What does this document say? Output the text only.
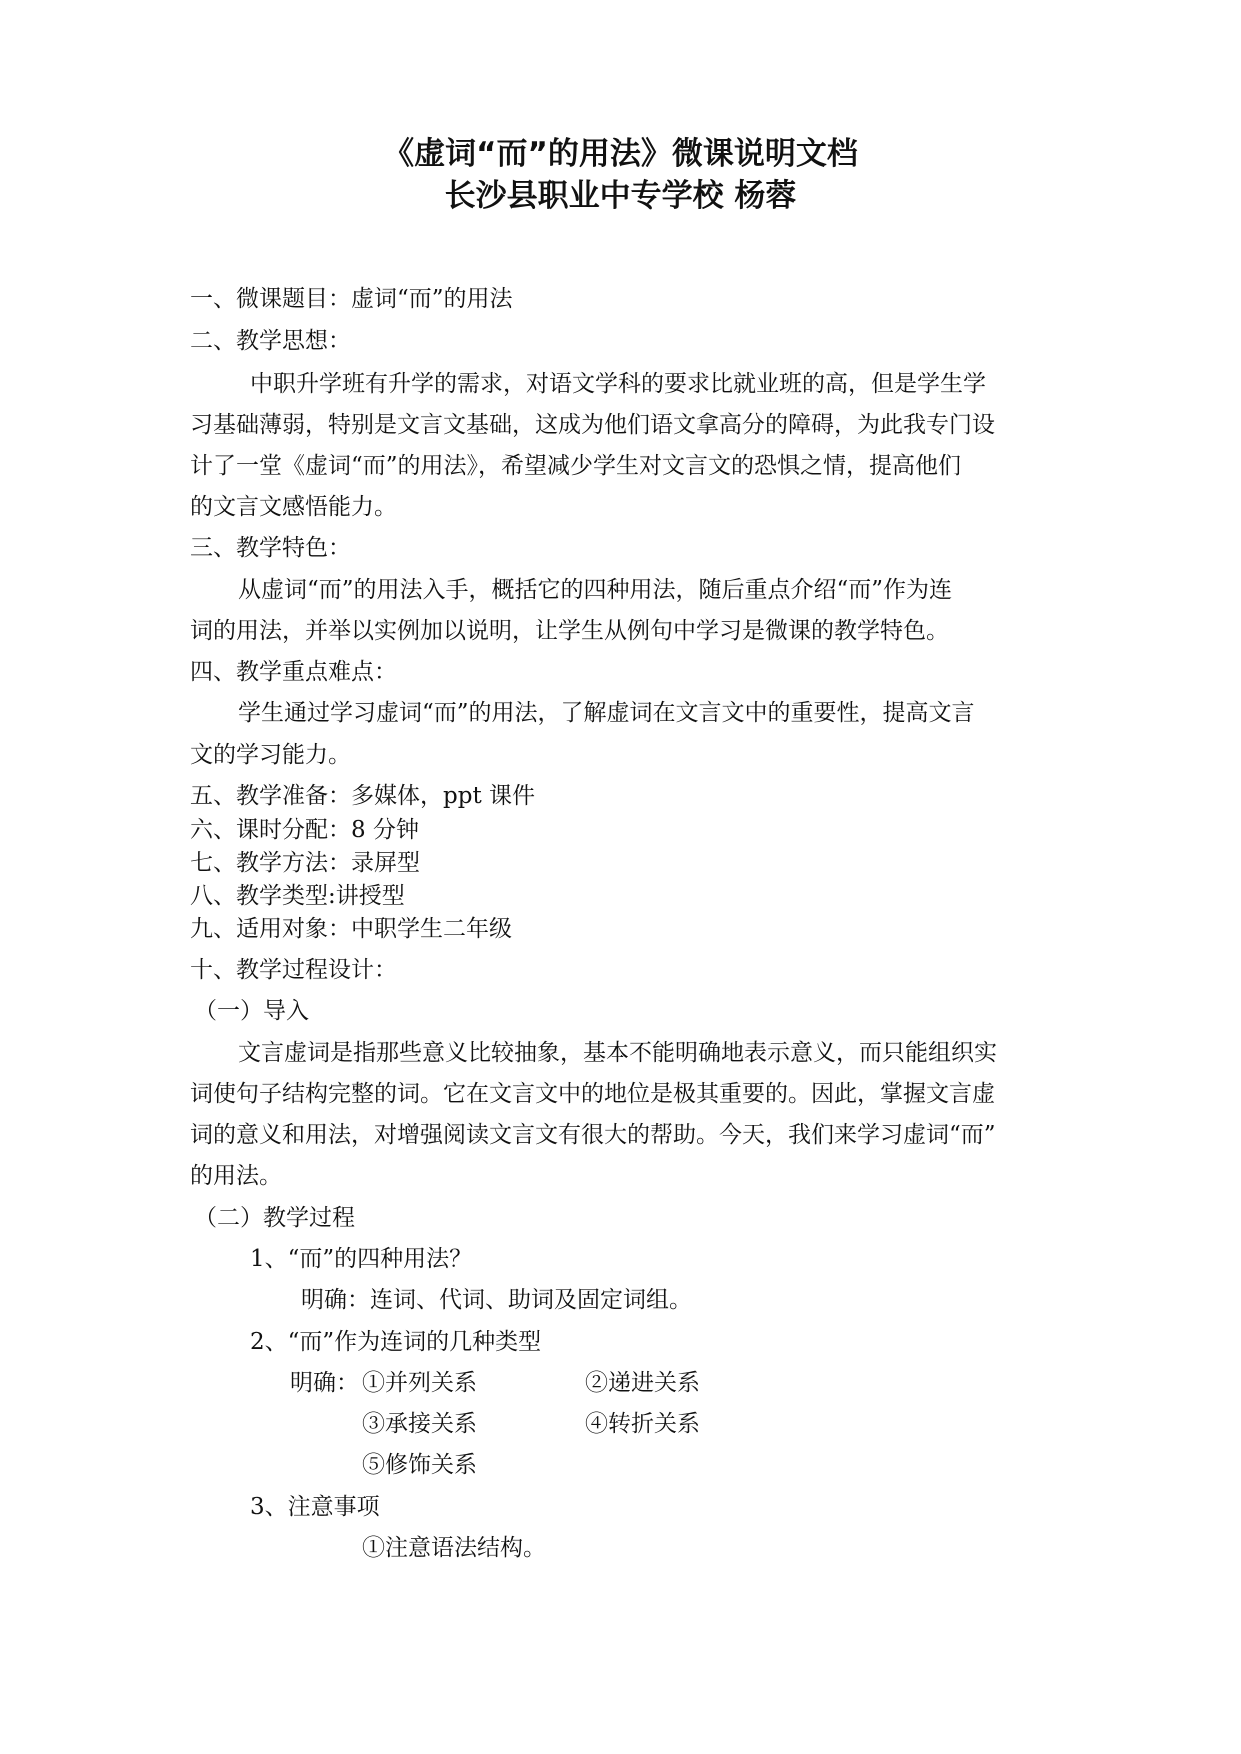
《虚词“而”的用法》微课说明文档
长沙县职业中专学校 杨蓉
一、微课题目：虚词“而”的用法
二、教学思想：
中职升学班有升学的需求，对语文学科的要求比就业班的高，但是学生学
习基础薄弱，特别是文言文基础，这成为他们语文拿高分的障碍，为此我专门设
计了一堂《虚词“而”的用法》，希望减少学生对文言文的恐惧之情，提高他们
的文言文感悟能力。
三、教学特色：
从虚词“而”的用法入手，概括它的四种用法，随后重点介绍“而”作为连
词的用法，并举以实例加以说明，让学生从例句中学习是微课的教学特色。
四、教学重点难点：
学生通过学习虚词“而”的用法，了解虚词在文言文中的重要性，提高文言
文的学习能力。
五、教学准备：多媒体，ppt 课件
六、课时分配：8 分钟
七、教学方法：录屏型
八、教学类型:讲授型
九、适用对象：中职学生二年级
十、教学过程设计：
（一）导入
文言虚词是指那些意义比较抽象，基本不能明确地表示意义，而只能组织实
词使句子结构完整的词。它在文言文中的地位是极其重要的。因此，掌握文言虚
词的意义和用法，对增强阅读文言文有很大的帮助。今天，我们来学习虚词“而”
的用法。
（二）教学过程
1、“而”的四种用法？
明确：连词、代词、助词及固定词组。
2、“而”作为连词的几种类型
明确： ①并列关系	②递进关系
③承接关系	④转折关系
⑤修饰关系
3、注意事项
①注意语法结构。
